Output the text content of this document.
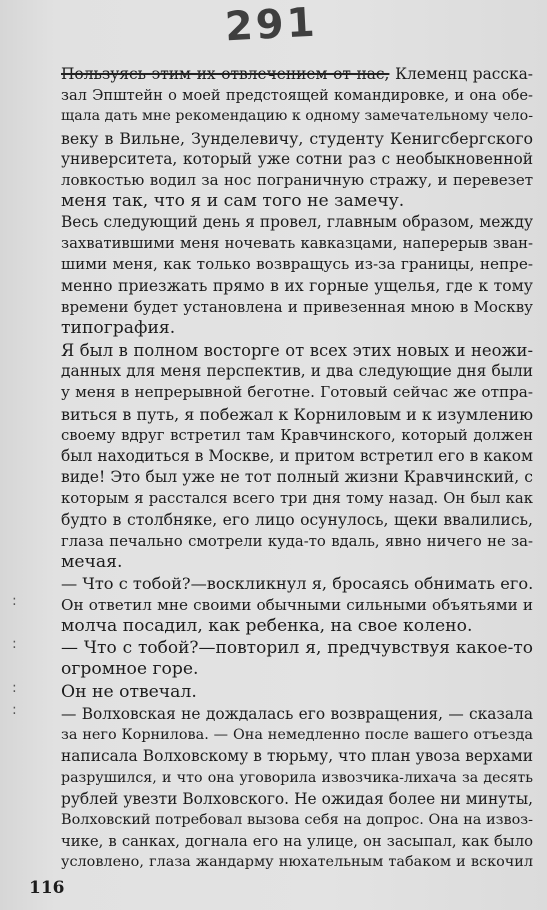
291
Пользуясь этим их отвлечением от нас, Клеменц расска-
зал Эпштейн о моей предстоящей командировке, и она обе-
щала дать мне рекомендацию к одному замечательному чело-
веку в Вильне, Зунделевичу, студенту Кенигсбергского
университета, который уже сотни раз с необыкновенной
ловкостью водил за нос пограничную стражу, и перевезет
меня так, что я и сам того не замечу.
Весь следующий день я провел, главным образом, между
захватившими меня ночевать кавказцами, наперерыв зван-
шими меня, как только возвращусь из-за границы, непре-
менно приезжать прямо в их горные ущелья, где к тому
времени будет установлена и привезенная мною в Москву
типография.
Я был в полном восторге от всех этих новых и неожи-
данных для меня перспектив, и два следующие дня были
у меня в непрерывной беготне. Готовый сейчас же отпра-
виться в путь, я побежал к Корниловым и к изумлению
своему вдруг встретил там Кравчинского, который должен
был находиться в Москве, и притом встретил его в каком
виде! Это был уже не тот полный жизни Кравчинский, с
которым я расстался всего три дня тому назад. Он был как
будто в столбняке, его лицо осунулось, щеки ввалились,
глаза печально смотрели куда-то вдаль, явно ничего не за-
мечая.
— Что с тобой?—воскликнул я, бросаясь обнимать его.
Он ответил мне своими обычными сильными объятьями и
молча посадил, как ребенка, на свое колено.
— Что с тобой?—повторил я, предчувствуя какое-то
огромное горе.
Он не отвечал.
— Волховская не дождалась его возвращения, — сказала
за него Корнилова. — Она немедленно после вашего отъезда
написала Волховскому в тюрьму, что план увоза верхами
разрушился, и что она уговорила извозчика-лихача за десять
рублей увезти Волховского. Не ожидая более ни минуты,
Волховский потребовал вызова себя на допрос. Она на извоз-
чике, в санках, догнала его на улице, он засыпал, как было
условлено, глаза жандарму нюхательным табаком и вскочил
:
:
:
:
116
